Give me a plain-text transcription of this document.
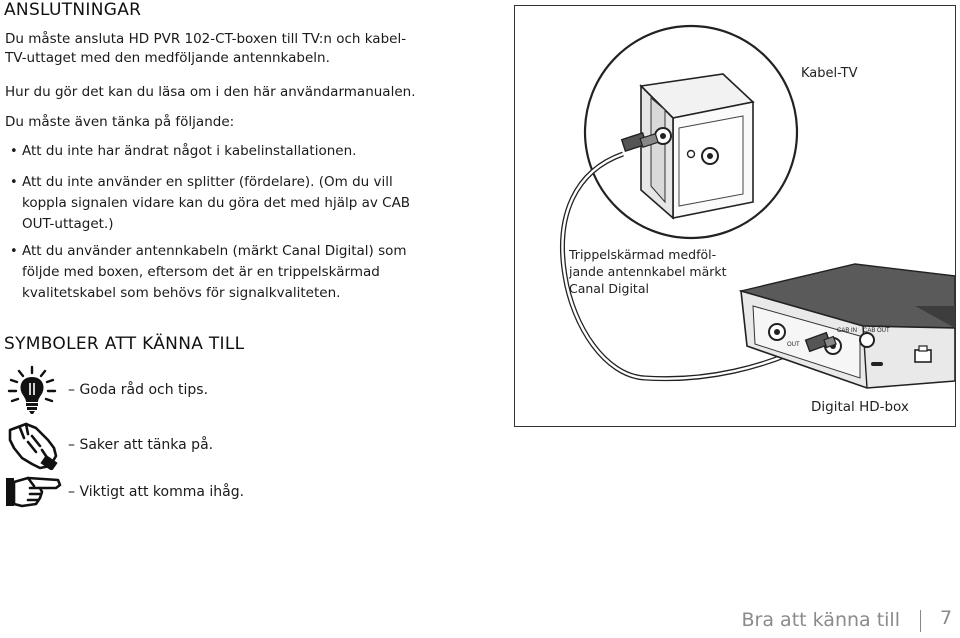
ANSLUTNINGAR

Du måste ansluta HD PVR 102-CT-boxen till TV:n och kabel-
TV-uttaget med den medföljande antennkabeln.

Hur du gör det kan du läsa om i den här användarmanualen.

Du måste även tänka på följande:

• Att du inte har ändrat något i kabelinstallationen.
• Att du inte använder en splitter (fördelare). (Om du vill
koppla signalen vidare kan du göra det med hjälp av CAB
OUT-uttaget.)
• Att du använder antennkabeln (märkt Canal Digital) som
följde med boxen, eftersom det är en trippelskärmad
kvalitetskabel som behövs för signalkvaliteten.
SYMBOLER ATT KÄNNA TILL
– Goda råd och tips.
– Saker att tänka på.
– Viktigt att komma ihåg.
CAB IN CAB OUT
OUT
Kabel-TV
Trippelskärmad medföl-
jande antennkabel märkt
Canal Digital
Digital HD-box
Bra att känna till 7
